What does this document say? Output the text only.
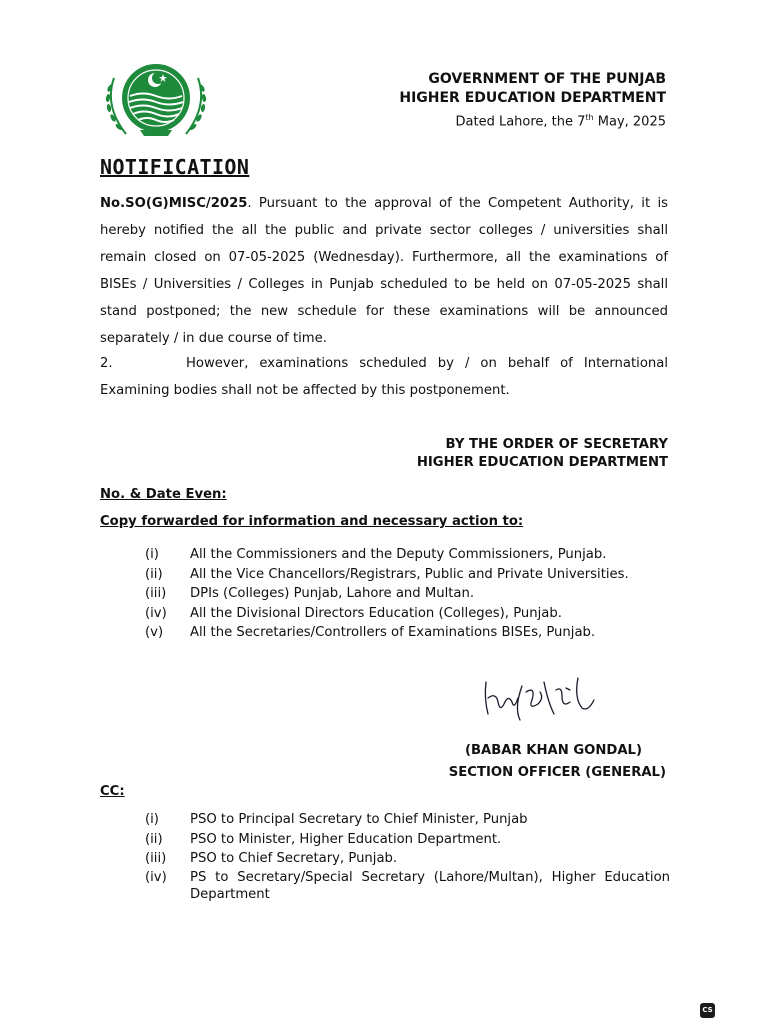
GOVERNMENT OF THE PUNJAB
HIGHER EDUCATION DEPARTMENT
Dated Lahore, the 7th May, 2025
NOTIFICATION
No.SO(G)MISC/2025. Pursuant to the approval of the Competent Authority, it is hereby notified the all the public and private sector colleges / universities shall remain closed on 07-05-2025 (Wednesday). Furthermore, all the examinations of BISEs / Universities / Colleges in Punjab scheduled to be held on 07-05-2025 shall stand postponed; the new schedule for these examinations will be announced separately / in due course of time.
2.	However, examinations scheduled by / on behalf of International Examining bodies shall not be affected by this postponement.
BY THE ORDER OF SECRETARY
HIGHER EDUCATION DEPARTMENT
No. & Date Even:
Copy forwarded for information and necessary action to:
(i)	All the Commissioners and the Deputy Commissioners, Punjab.
(ii)	All the Vice Chancellors/Registrars, Public and Private Universities.
(iii)	DPIs (Colleges) Punjab, Lahore and Multan.
(iv)	All the Divisional Directors Education (Colleges), Punjab.
(v)	All the Secretaries/Controllers of Examinations BISEs, Punjab.
(BABAR KHAN GONDAL)
SECTION OFFICER (GENERAL)
CC:
(i)	PSO to Principal Secretary to Chief Minister, Punjab
(ii)	PSO to Minister, Higher Education Department.
(iii)	PSO to Chief Secretary, Punjab.
(iv)	PS to Secretary/Special Secretary (Lahore/Multan), Higher Education Department
CS
